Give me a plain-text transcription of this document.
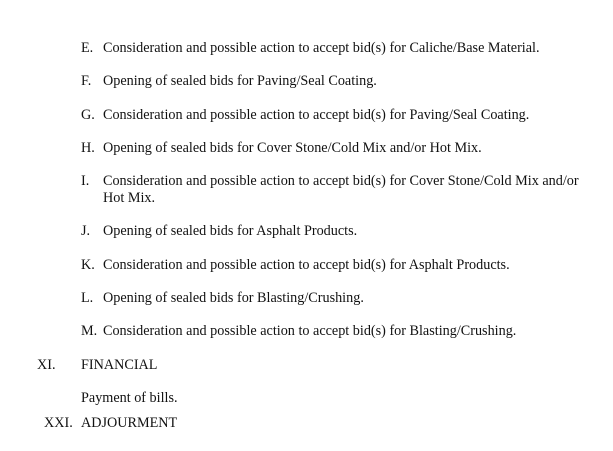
E. Consideration and possible action to accept bid(s) for Caliche/Base Material.
F. Opening of sealed bids for Paving/Seal Coating.
G. Consideration and possible action to accept bid(s) for Paving/Seal Coating.
H. Opening of sealed bids for Cover Stone/Cold Mix and/or Hot Mix.
I. Consideration and possible action to accept bid(s) for Cover Stone/Cold Mix and/or Hot Mix.
J. Opening of sealed bids for Asphalt Products.
K. Consideration and possible action to accept bid(s) for Asphalt Products.
L. Opening of sealed bids for Blasting/Crushing.
M. Consideration and possible action to accept bid(s) for Blasting/Crushing.
XI. FINANCIAL
Payment of bills.
XXI. ADJOURMENT
